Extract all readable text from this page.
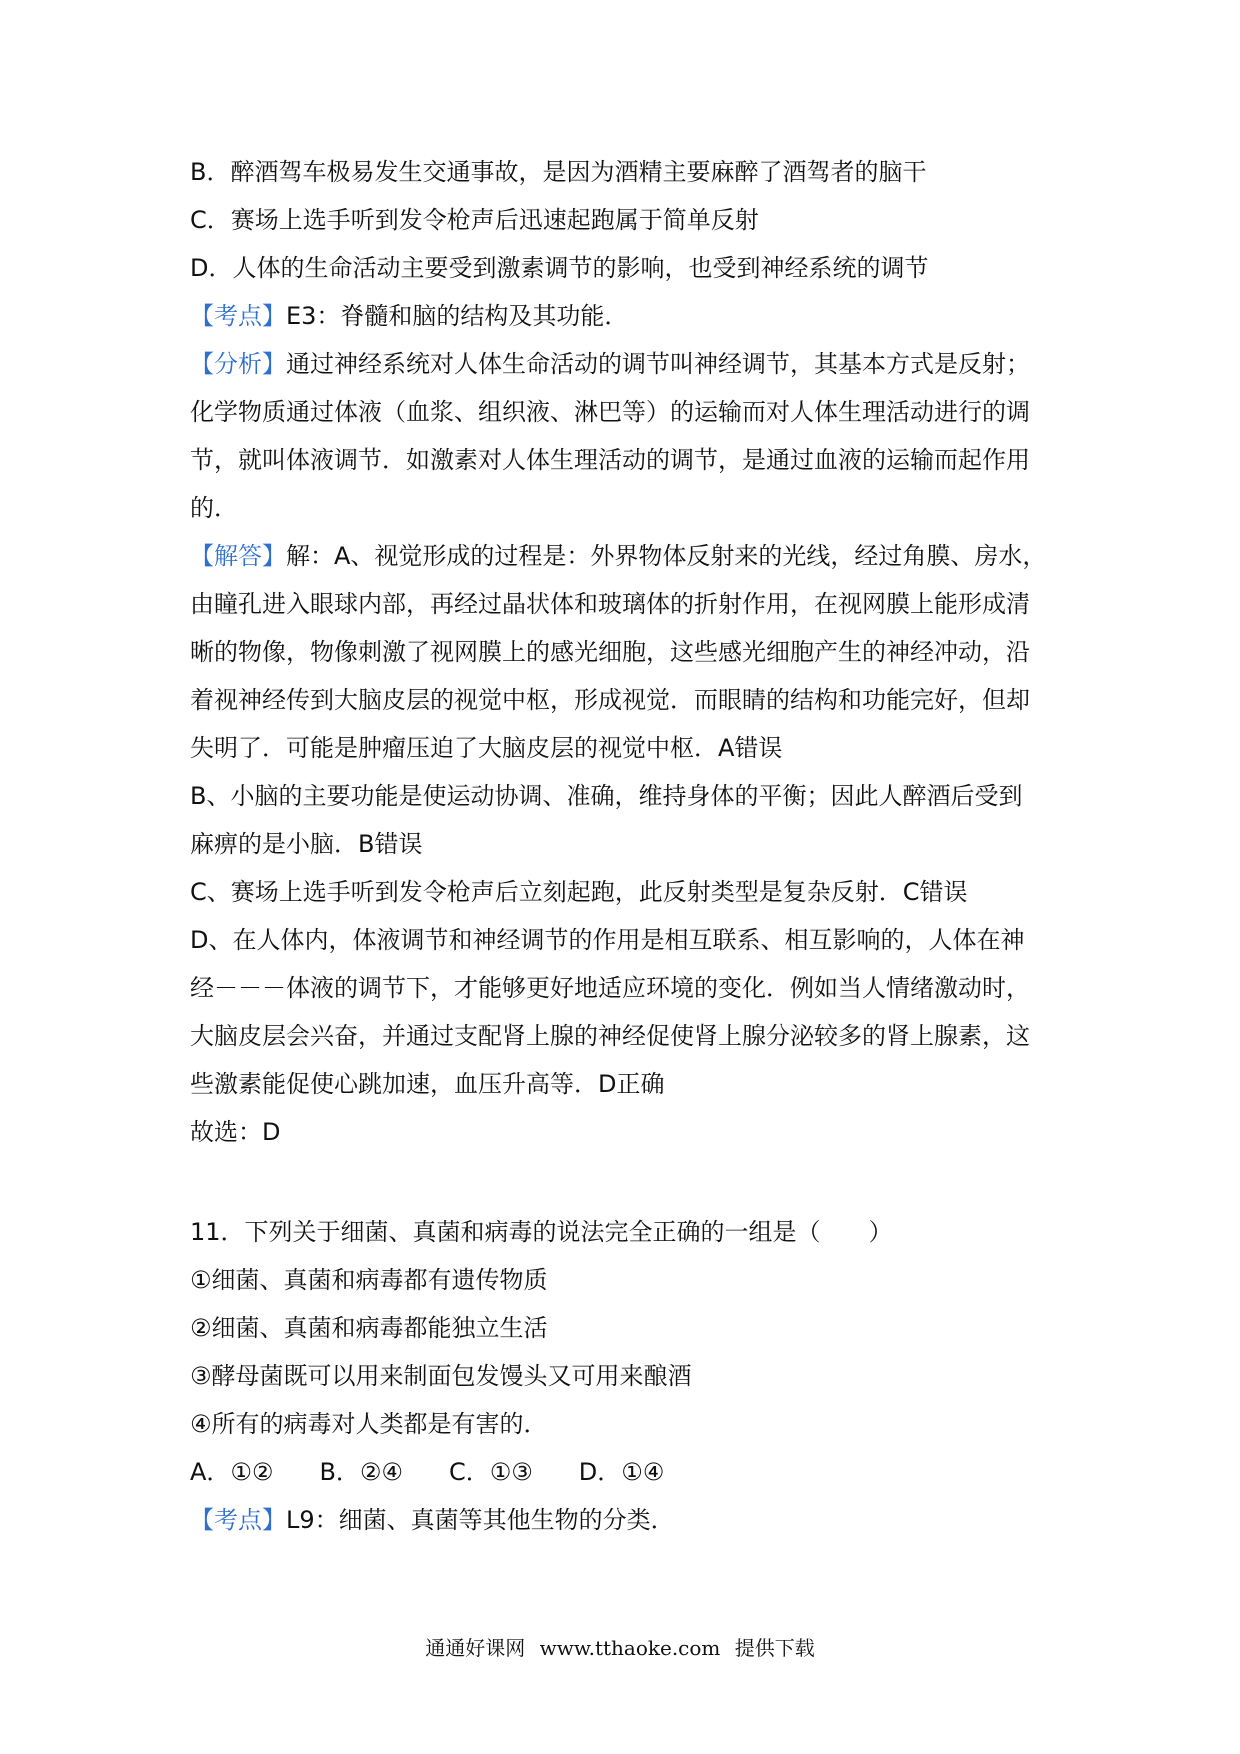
B．醉酒驾车极易发生交通事故，是因为酒精主要麻醉了酒驾者的脑干
C．赛场上选手听到发令枪声后迅速起跑属于简单反射
D．人体的生命活动主要受到激素调节的影响，也受到神经系统的调节
【考点】E3：脊髓和脑的结构及其功能．
【分析】通过神经系统对人体生命活动的调节叫神经调节，其基本方式是反射；
化学物质通过体液（血浆、组织液、淋巴等）的运输而对人体生理活动进行的调
节，就叫体液调节．如激素对人体生理活动的调节，是通过血液的运输而起作用
的．
【解答】解：A、视觉形成的过程是：外界物体反射来的光线，经过角膜、房水，
由瞳孔进入眼球内部，再经过晶状体和玻璃体的折射作用，在视网膜上能形成清
晰的物像，物像刺激了视网膜上的感光细胞，这些感光细胞产生的神经冲动，沿
着视神经传到大脑皮层的视觉中枢，形成视觉．而眼睛的结构和功能完好，但却
失明了．可能是肿瘤压迫了大脑皮层的视觉中枢．A错误
B、小脑的主要功能是使运动协调、准确，维持身体的平衡；因此人醉酒后受到
麻痹的是小脑．B错误
C、赛场上选手听到发令枪声后立刻起跑，此反射类型是复杂反射．C错误
D、在人体内，体液调节和神经调节的作用是相互联系、相互影响的，人体在神
经－－－体液的调节下，才能够更好地适应环境的变化．例如当人情绪激动时，
大脑皮层会兴奋，并通过支配肾上腺的神经促使肾上腺分泌较多的肾上腺素，这
些激素能促使心跳加速，血压升高等．D正确
故选：D
11．下列关于细菌、真菌和病毒的说法完全正确的一组是（　　）
①细菌、真菌和病毒都有遗传物质
②细菌、真菌和病毒都能独立生活
③酵母菌既可以用来制面包发馒头又可用来酿酒
④所有的病毒对人类都是有害的．
A．①② B．②④ C．①③ D．①④
【考点】L9：细菌、真菌等其他生物的分类．
通通好课网 www.tthaoke.com 提供下载
